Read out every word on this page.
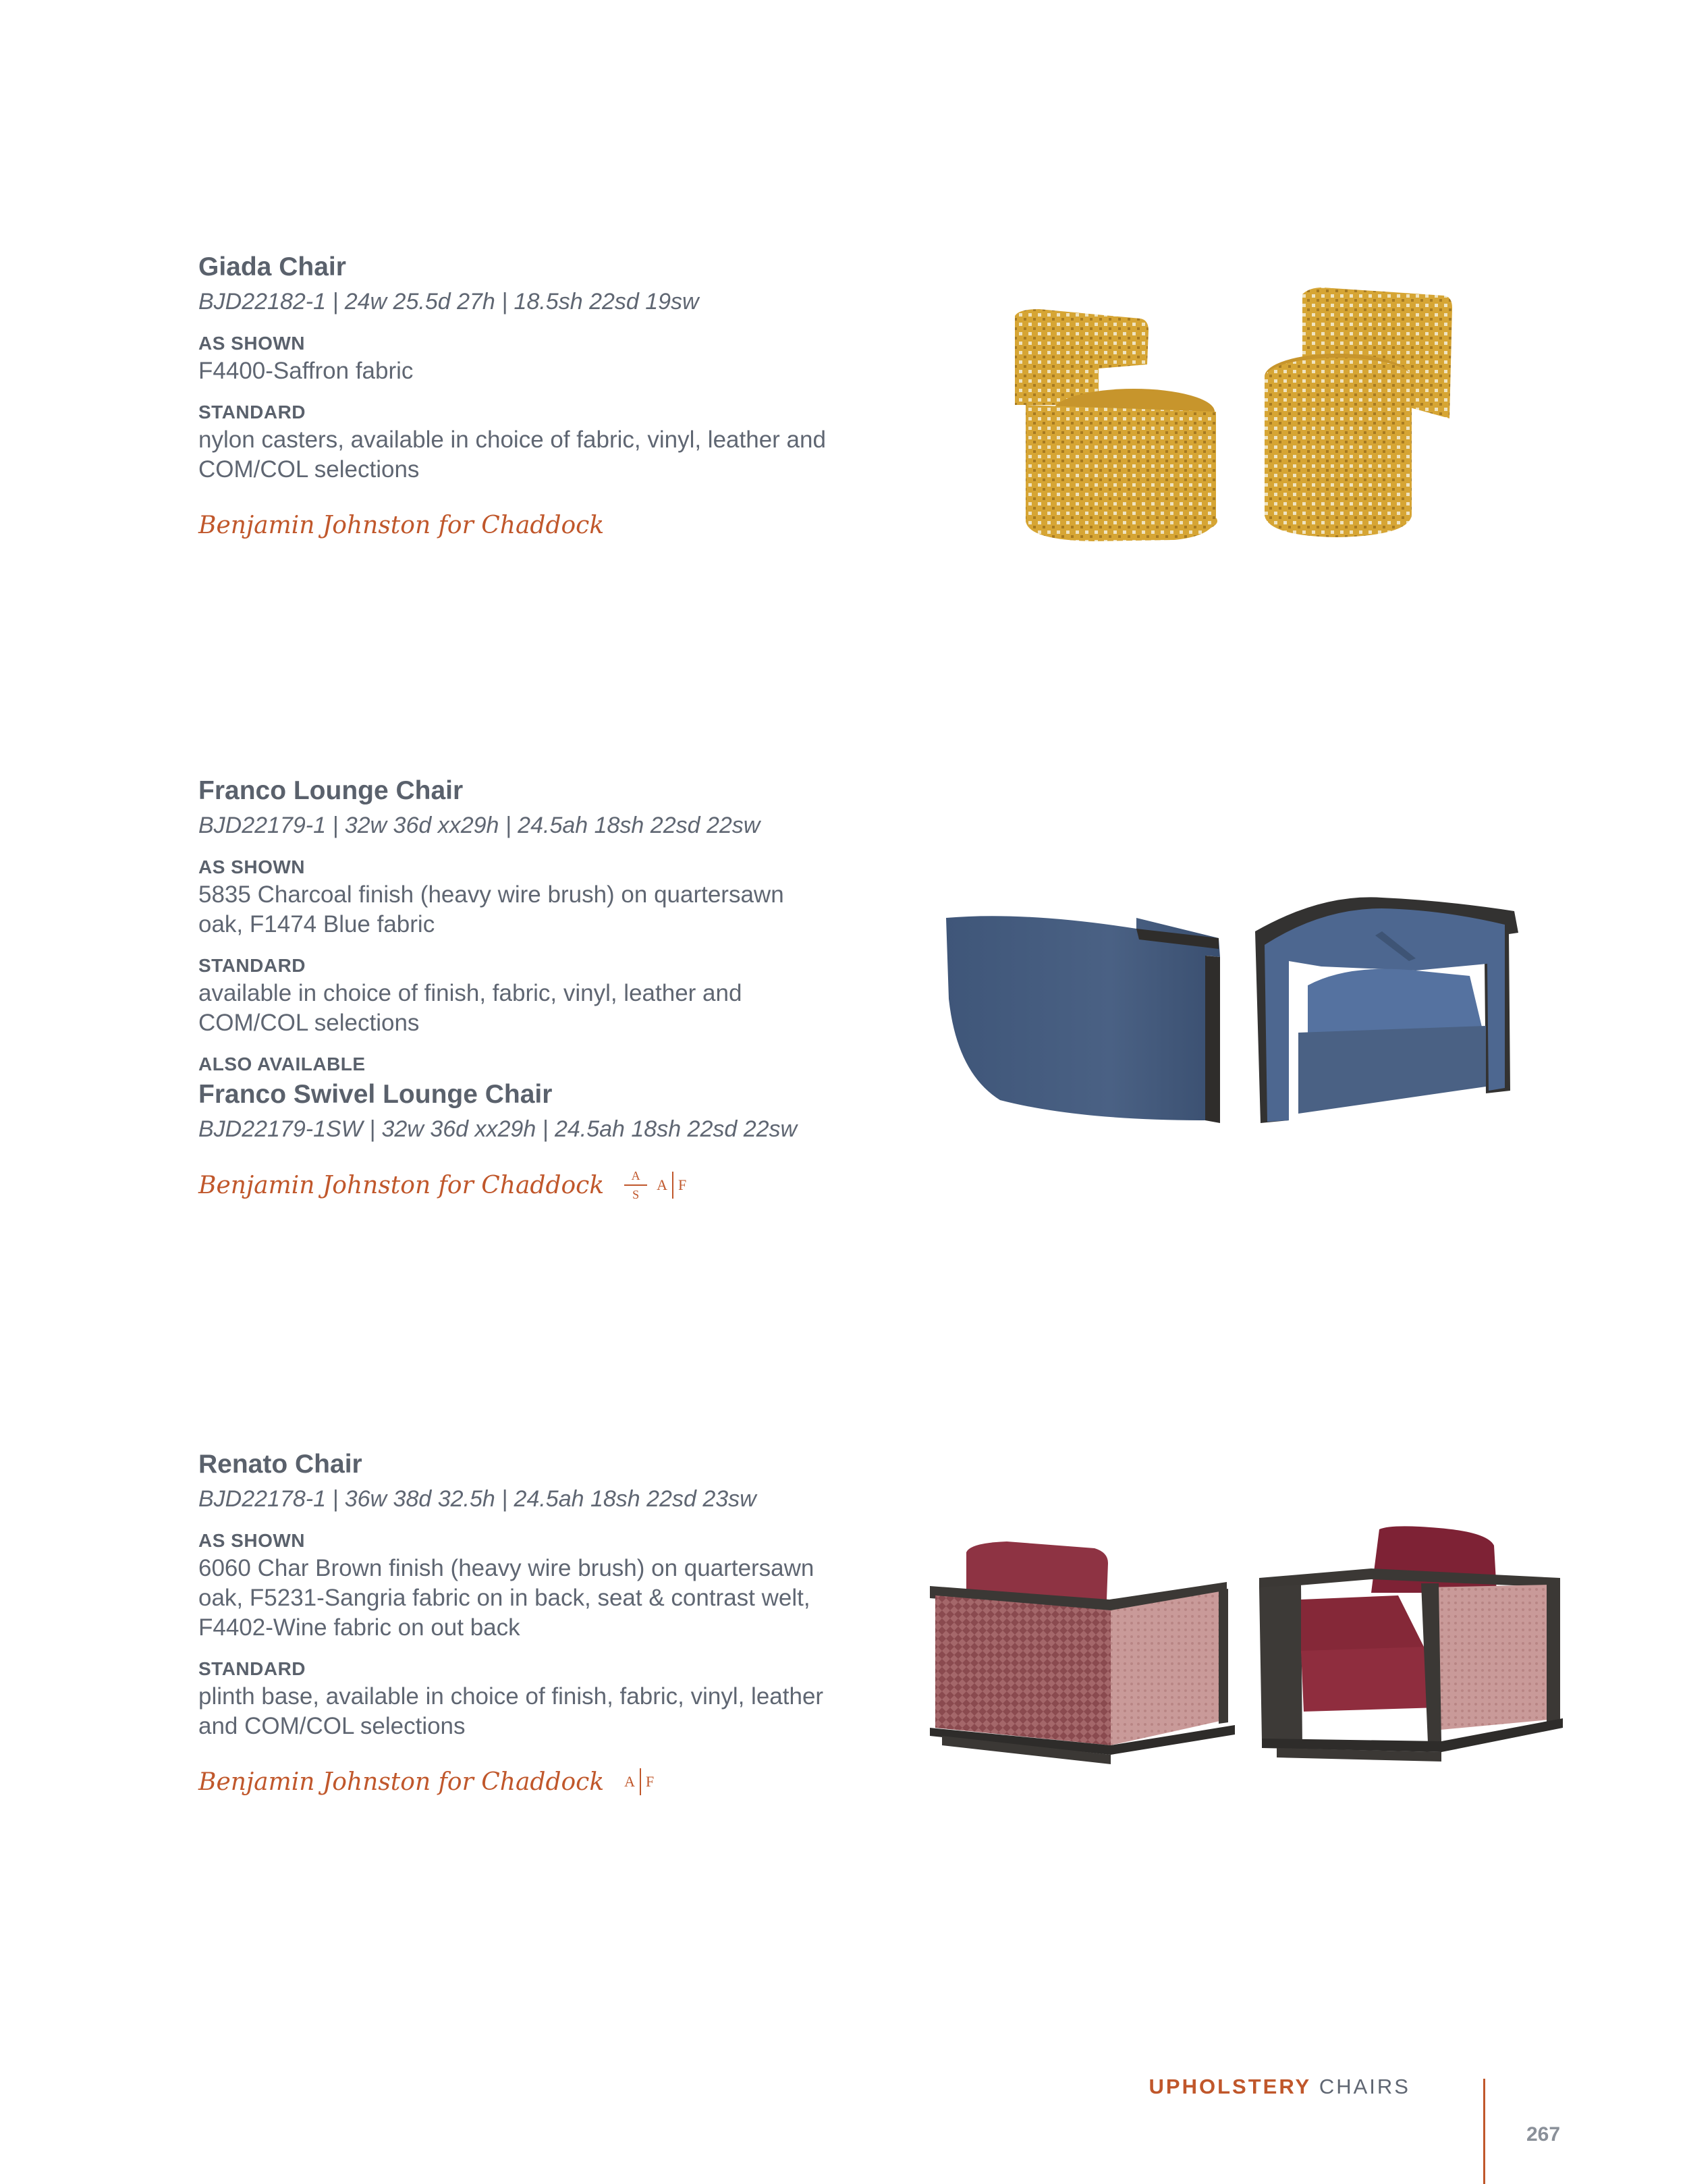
Giada Chair
BJD22182-1 | 24w 25.5d 27h | 18.5sh 22sd 19sw
AS SHOWN
F4400-Saffron fabric
STANDARD
nylon casters, available in choice of fabric, vinyl, leather and
COM/COL selections
Benjamin Johnston for Chaddock
Franco Lounge Chair
BJD22179-1 | 32w 36d xx29h | 24.5ah 18sh 22sd 22sw
AS SHOWN
5835 Charcoal finish (heavy wire brush) on quartersawn
oak, F1474 Blue fabric
STANDARD
available in choice of finish, fabric, vinyl, leather and
COM/COL selections
ALSO AVAILABLE
Franco Swivel Lounge Chair
BJD22179-1SW | 32w 36d xx29h | 24.5ah 18sh 22sd 22sw
Benjamin Johnston for Chaddock A
S
A F
Renato Chair
BJD22178-1 | 36w 38d 32.5h | 24.5ah 18sh 22sd 23sw
AS SHOWN
6060 Char Brown finish (heavy wire brush) on quartersawn
oak, F5231-Sangria fabric on in back, seat & contrast welt,
F4402-Wine fabric on out back
STANDARD
plinth base, available in choice of finish, fabric, vinyl, leather
and COM/COL selections
Benjamin Johnston for Chaddock A F
UPHOLSTERY CHAIRS
267
